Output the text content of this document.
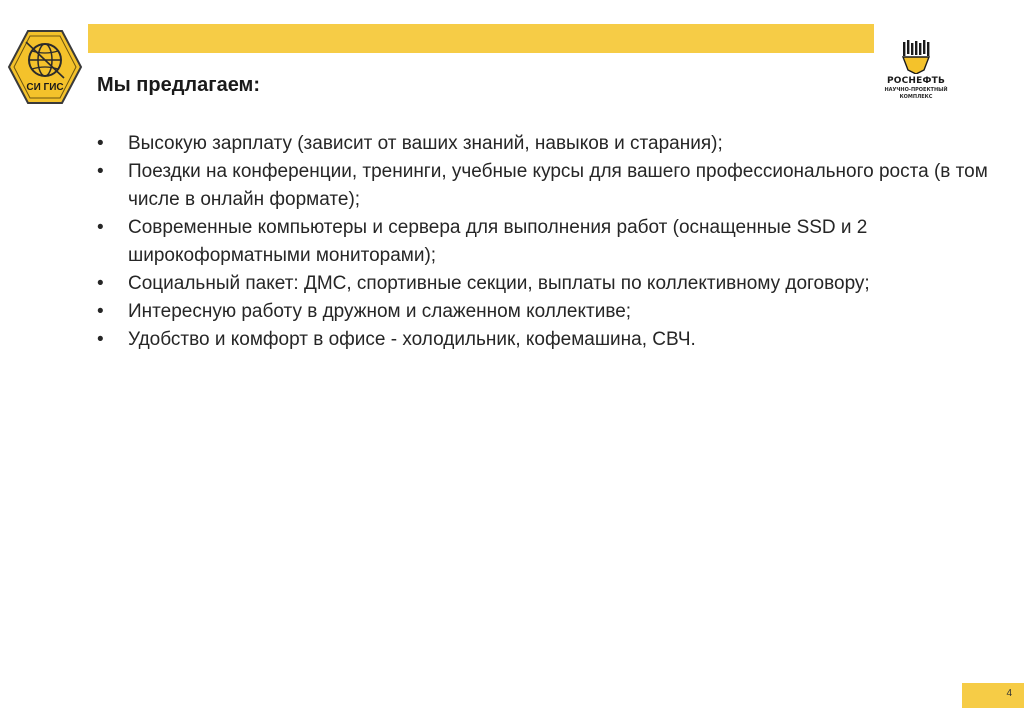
СИ ГИС
РОСНЕФТЬ
НАУЧНО-ПРОЕКТНЫЙ
КОМПЛЕКС
Мы предлагаем:
• Высокую зарплату (зависит от ваших знаний, навыков и старания);
• Поездки на конференции, тренинги, учебные курсы для вашего профессионального роста (в том числе в онлайн формате);
• Современные компьютеры и сервера для выполнения работ (оснащенные SSD и 2 широкоформатными мониторами);
• Социальный пакет: ДМС, спортивные секции, выплаты по коллективному договору;
• Интересную работу в дружном и слаженном коллективе;
• Удобство и комфорт в офисе - холодильник, кофемашина, СВЧ.
4
